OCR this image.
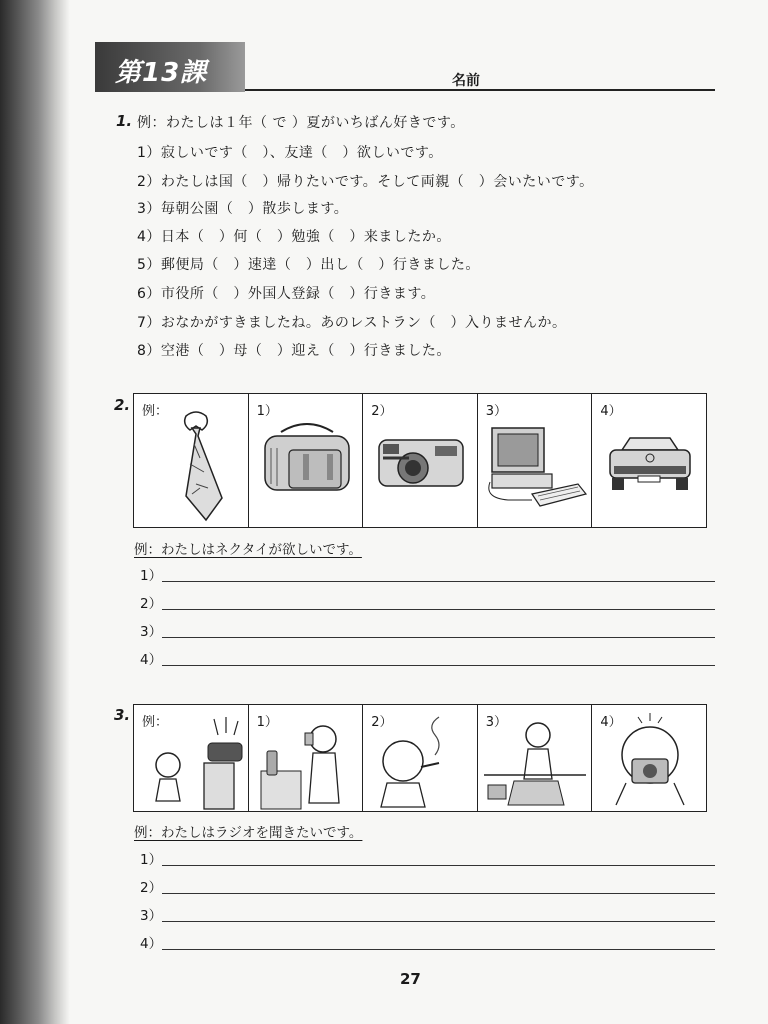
第13課	名前
1. 例：わたしは１年（ で ）夏がいちばん好きです。
1）寂しいです（　）、友達（　）欲しいです。
2）わたしは国（　）帰りたいです。そして両親（　）会いたいです。
3）毎朝公園（　）散歩します。
4）日本（　）何（　）勉強（　）来ましたか。
5）郵便局（　）速達（　）出し（　）行きました。
6）市役所（　）外国人登録（　）行きます。
7）おなかがすきましたね。あのレストラン（　）入りませんか。
8）空港（　）母（　）迎え（　）行きました。
2. 例：	1）	2）	3）	4）
例：わたしはネクタイが欲しいです。
1）
2）
3）
4）
3. 例：	1）	2）	3）	4）
例：わたしはラジオを聞きたいです。
1）
2）
3）
4）
27
